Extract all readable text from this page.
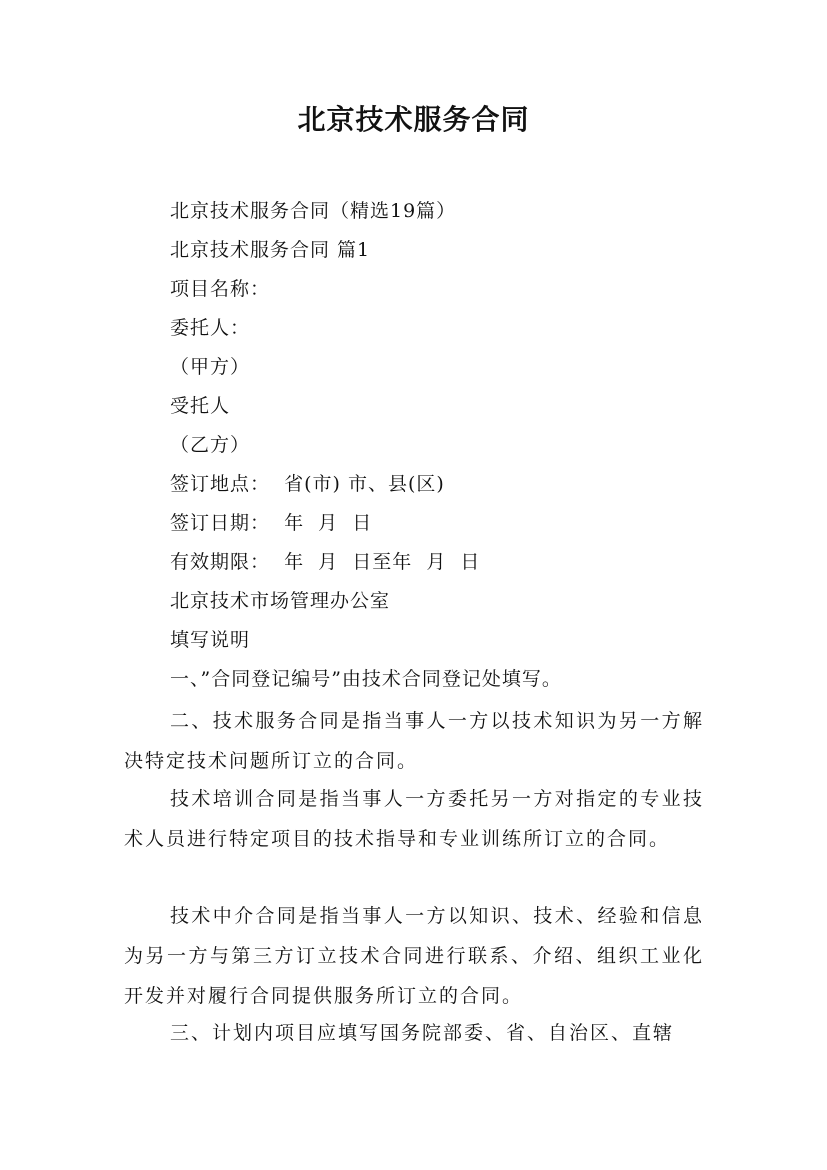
北京技术服务合同
北京技术服务合同（精选19篇）
北京技术服务合同 篇1
项目名称：
委托人：
（甲方）
受托人
（乙方）
签订地点：  省(市) 市、县(区)
签订日期：  年  月  日
有效期限：  年  月  日至年  月  日
北京技术市场管理办公室
填写说明
一、”合同登记编号”由技术合同登记处填写。
二、技术服务合同是指当事人一方以技术知识为另一方解决特定技术问题所订立的合同。
技术培训合同是指当事人一方委托另一方对指定的专业技术人员进行特定项目的技术指导和专业训练所订立的合同。
技术中介合同是指当事人一方以知识、技术、经验和信息为另一方与第三方订立技术合同进行联系、介绍、组织工业化开发并对履行合同提供服务所订立的合同。
三、计划内项目应填写国务院部委、省、自治区、直辖
